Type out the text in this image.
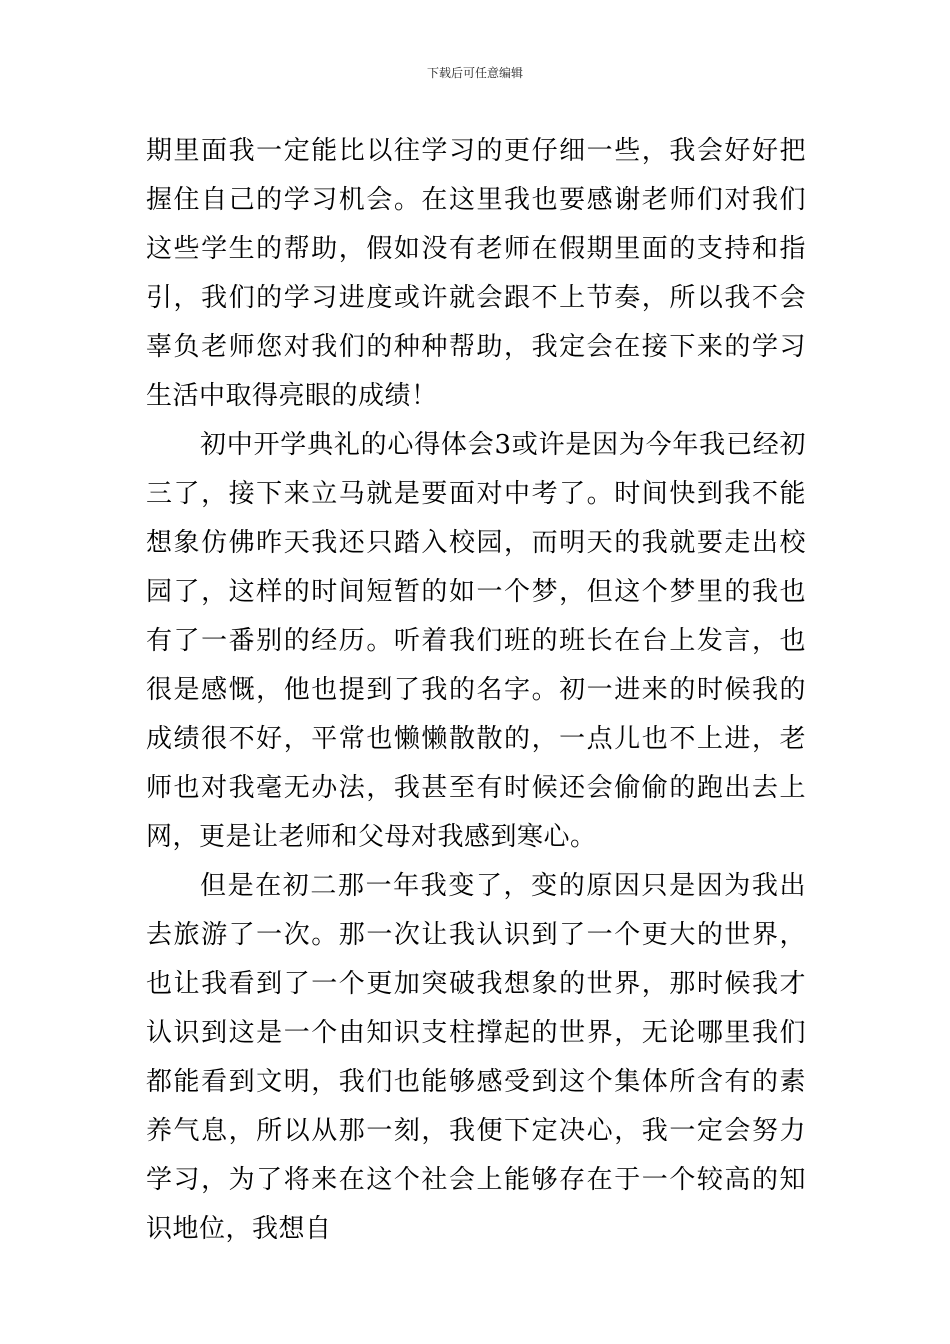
下载后可任意编辑

期里面我一定能比以往学习的更仔细一些，我会好好把握住自己的学习机会。在这里我也要感谢老师们对我们这些学生的帮助，假如没有老师在假期里面的支持和指引，我们的学习进度或许就会跟不上节奏，所以我不会辜负老师您对我们的种种帮助，我定会在接下来的学习生活中取得亮眼的成绩！

初中开学典礼的心得体会3或许是因为今年我已经初三了，接下来立马就是要面对中考了。时间快到我不能想象仿佛昨天我还只踏入校园，而明天的我就要走出校园了，这样的时间短暂的如一个梦，但这个梦里的我也有了一番别的经历。听着我们班的班长在台上发言，也很是感慨，他也提到了我的名字。初一进来的时候我的成绩很不好，平常也懒懒散散的，一点儿也不上进，老师也对我毫无办法，我甚至有时候还会偷偷的跑出去上网，更是让老师和父母对我感到寒心。

但是在初二那一年我变了，变的原因只是因为我出去旅游了一次。那一次让我认识到了一个更大的世界，也让我看到了一个更加突破我想象的世界，那时候我才认识到这是一个由知识支柱撑起的世界，无论哪里我们都能看到文明，我们也能够感受到这个集体所含有的素养气息，所以从那一刻，我便下定决心，我一定会努力学习，为了将来在这个社会上能够存在于一个较高的知识地位，我想自
